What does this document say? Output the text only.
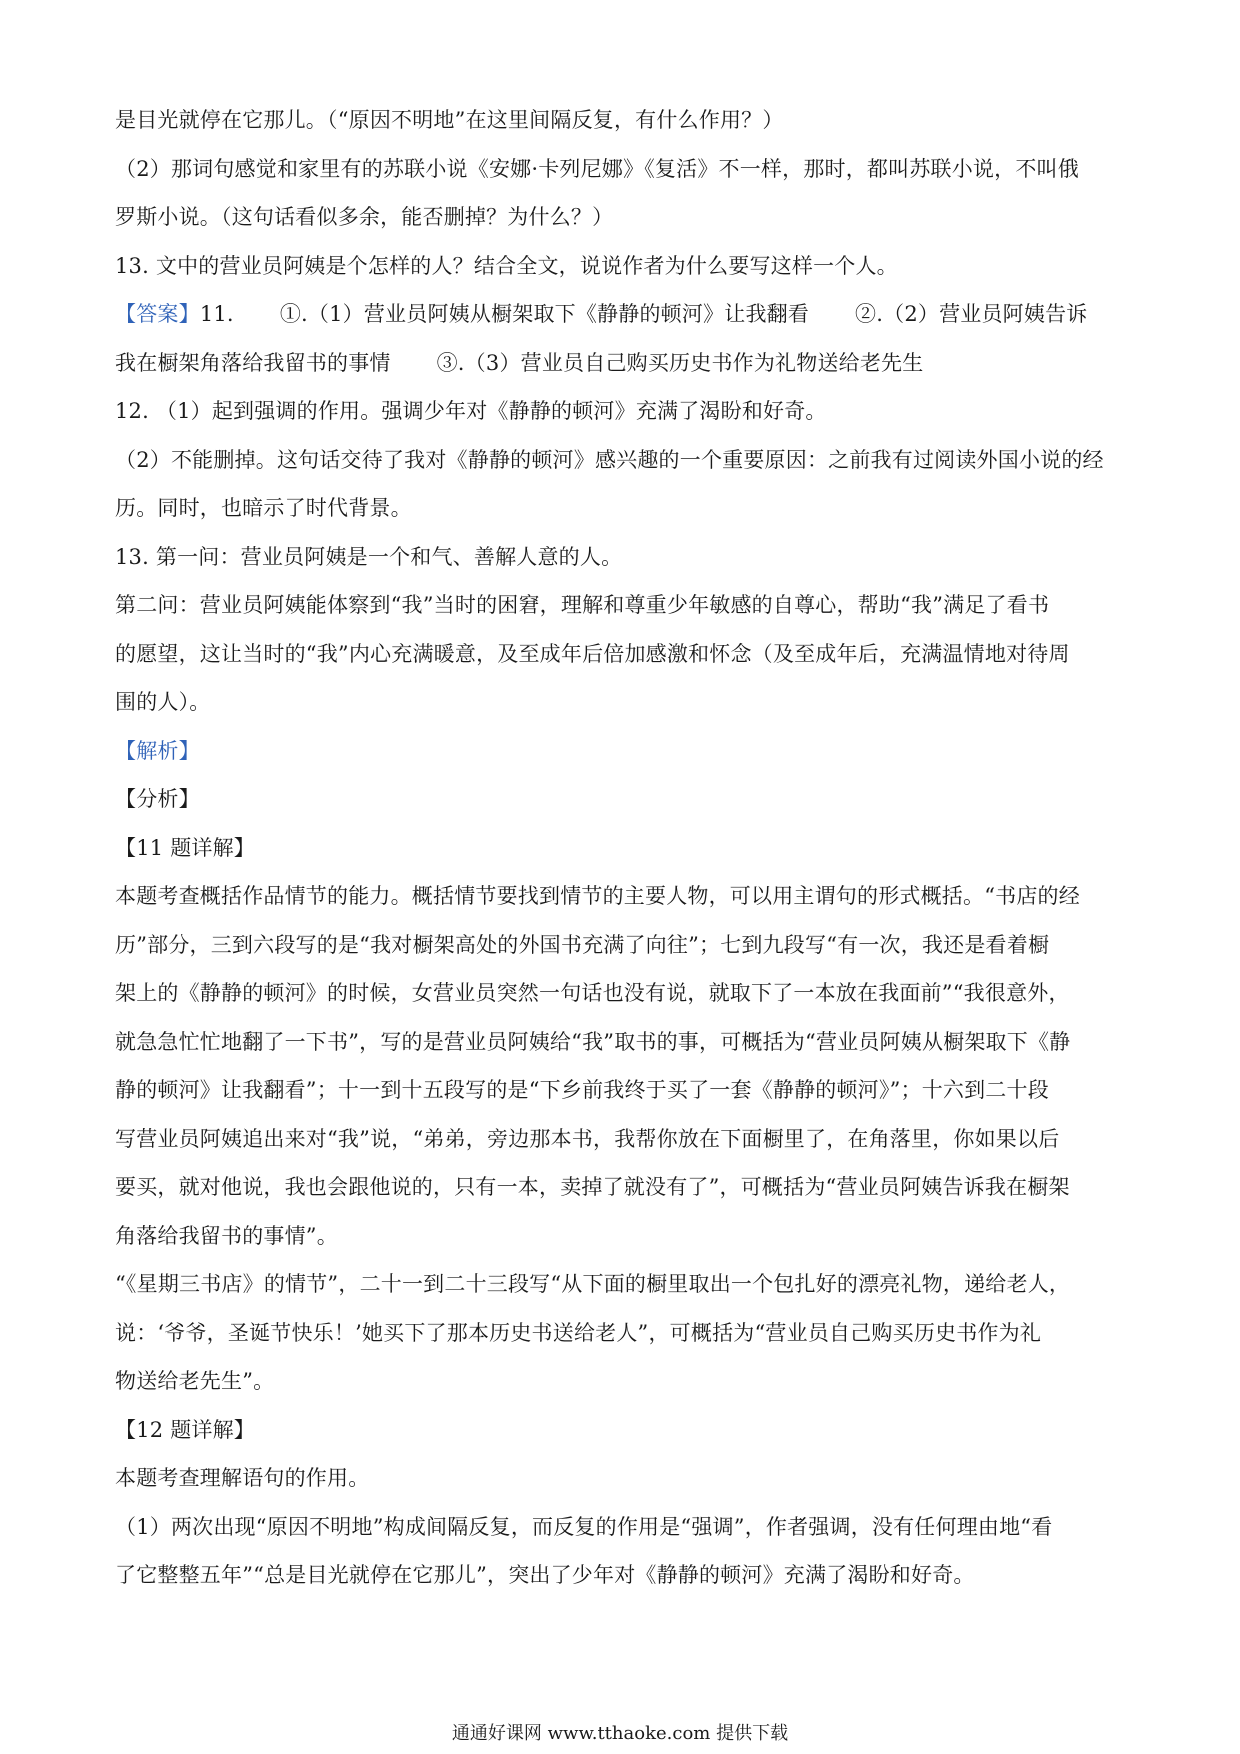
是目光就停在它那儿。（“原因不明地”在这里间隔反复，有什么作用？）
（2）那词句感觉和家里有的苏联小说《安娜·卡列尼娜》《复活》不一样，那时，都叫苏联小说，不叫俄
罗斯小说。（这句话看似多余，能否删掉？为什么？）
13. 文中的营业员阿姨是个怎样的人？结合全文，说说作者为什么要写这样一个人。
【答案】11. ①.（1）营业员阿姨从橱架取下《静静的顿河》让我翻看 ②.（2）营业员阿姨告诉
我在橱架角落给我留书的事情 ③.（3）营业员自己购买历史书作为礼物送给老先生
12. （1）起到强调的作用。强调少年对《静静的顿河》充满了渴盼和好奇。
（2）不能删掉。这句话交待了我对《静静的顿河》感兴趣的一个重要原因：之前我有过阅读外国小说的经
历。同时，也暗示了时代背景。
13. 第一问：营业员阿姨是一个和气、善解人意的人。
第二问：营业员阿姨能体察到“我”当时的困窘，理解和尊重少年敏感的自尊心，帮助“我”满足了看书
的愿望，这让当时的“我”内心充满暖意，及至成年后倍加感激和怀念（及至成年后，充满温情地对待周
围的人）。
【解析】
【分析】
【11 题详解】
本题考查概括作品情节的能力。概括情节要找到情节的主要人物，可以用主谓句的形式概括。“书店的经
历”部分，三到六段写的是“我对橱架高处的外国书充满了向往”；七到九段写“有一次，我还是看着橱
架上的《静静的顿河》的时候，女营业员突然一句话也没有说，就取下了一本放在我面前”“我很意外，
就急急忙忙地翻了一下书”，写的是营业员阿姨给“我”取书的事，可概括为“营业员阿姨从橱架取下《静
静的顿河》让我翻看”；十一到十五段写的是“下乡前我终于买了一套《静静的顿河》”；十六到二十段
写营业员阿姨追出来对“我”说，“弟弟，旁边那本书，我帮你放在下面橱里了，在角落里，你如果以后
要买，就对他说，我也会跟他说的，只有一本，卖掉了就没有了”，可概括为“营业员阿姨告诉我在橱架
角落给我留书的事情”。
“《星期三书店》的情节”，二十一到二十三段写“从下面的橱里取出一个包扎好的漂亮礼物，递给老人，
说：‘爷爷，圣诞节快乐！’她买下了那本历史书送给老人”，可概括为“营业员自己购买历史书作为礼
物送给老先生”。
【12 题详解】
本题考查理解语句的作用。
（1）两次出现“原因不明地”构成间隔反复，而反复的作用是“强调”，作者强调，没有任何理由地“看
了它整整五年”“总是目光就停在它那儿”，突出了少年对《静静的顿河》充满了渴盼和好奇。
通通好课网 www.tthaoke.com 提供下载
